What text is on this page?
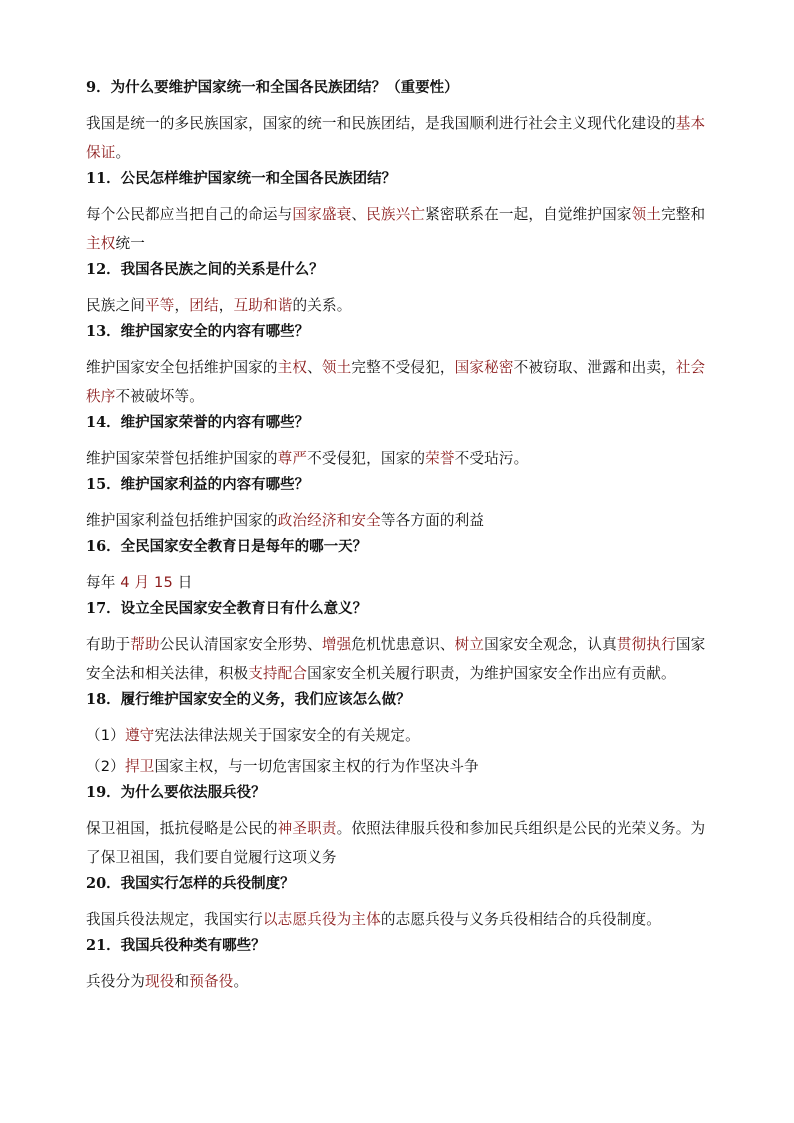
9．为什么要维护国家统一和全国各民族团结？（重要性）
我国是统一的多民族国家，国家的统一和民族团结，是我国顺利进行社会主义现代化建设的基本保证。
11．公民怎样维护国家统一和全国各民族团结？
每个公民都应当把自己的命运与国家盛衰、民族兴亡紧密联系在一起，自觉维护国家领土完整和主权统一
12．我国各民族之间的关系是什么？
民族之间平等，团结，互助和谐的关系。
13．维护国家安全的内容有哪些？
维护国家安全包括维护国家的主权、领土完整不受侵犯，国家秘密不被窃取、泄露和出卖，社会秩序不被破坏等。
14．维护国家荣誉的内容有哪些？
维护国家荣誉包括维护国家的尊严不受侵犯，国家的荣誉不受玷污。
15．维护国家利益的内容有哪些？
维护国家利益包括维护国家的政治经济和安全等各方面的利益
16．全民国家安全教育日是每年的哪一天？
每年 4 月 15 日
17．设立全民国家安全教育日有什么意义？
有助于帮助公民认清国家安全形势、增强危机忧患意识、树立国家安全观念，认真贯彻执行国家安全法和相关法律，积极支持配合国家安全机关履行职责，为维护国家安全作出应有贡献。
18．履行维护国家安全的义务，我们应该怎么做？
（1）遵守宪法法律法规关于国家安全的有关规定。
（2）捍卫国家主权，与一切危害国家主权的行为作坚决斗争
19．为什么要依法服兵役？
保卫祖国，抵抗侵略是公民的神圣职责。依照法律服兵役和参加民兵组织是公民的光荣义务。为了保卫祖国，我们要自觉履行这项义务
20．我国实行怎样的兵役制度？
我国兵役法规定，我国实行以志愿兵役为主体的志愿兵役与义务兵役相结合的兵役制度。
21．我国兵役种类有哪些？
兵役分为现役和预备役。
